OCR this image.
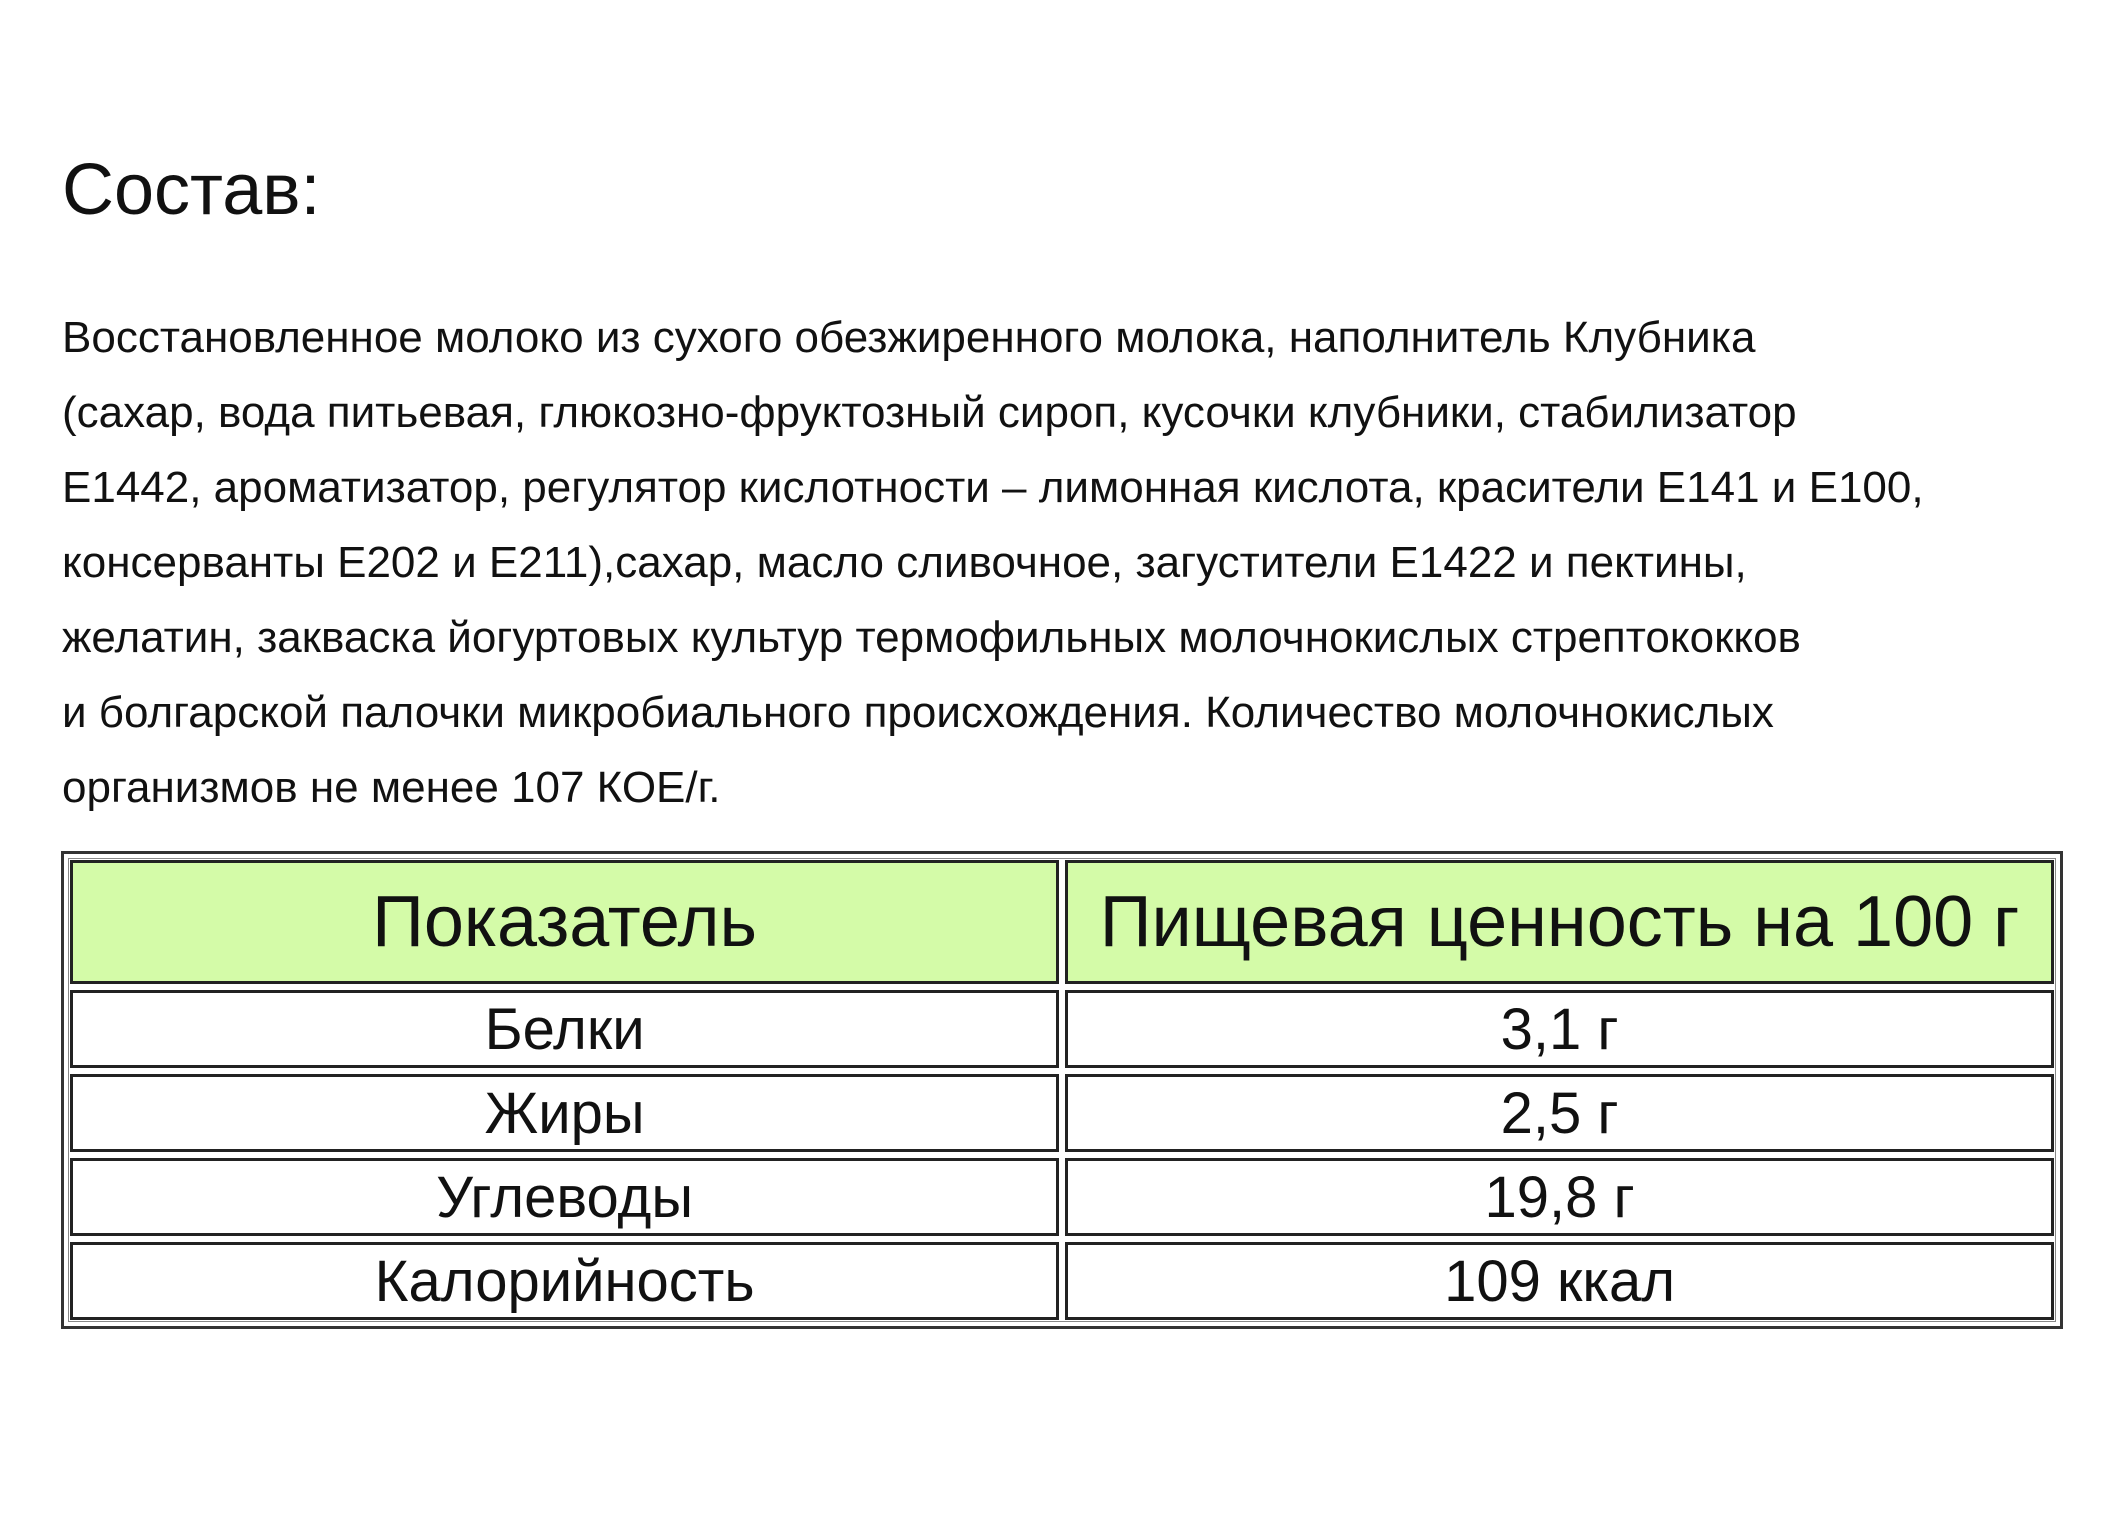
Состав:

Восстановленное молоко из сухого обезжиренного молока, наполнитель Клубника
(сахар, вода питьевая, глюкозно-фруктозный сироп, кусочки клубники, стабилизатор
Е1442, ароматизатор, регулятор кислотности – лимонная кислота, красители Е141 и Е100,
консерванты Е202 и Е211),сахар, масло сливочное, загустители Е1422 и пектины,
желатин, закваска йогуртовых культур термофильных молочнокислых стрептококков
и болгарской палочки микробиального происхождения. Количество молочнокислых
организмов не менее 107 КОЕ/г.

Показатель	Пищевая ценность на 100 г
Белки	3,1 г
Жиры	2,5 г
Углеводы	19,8 г
Калорийность	109 ккал
